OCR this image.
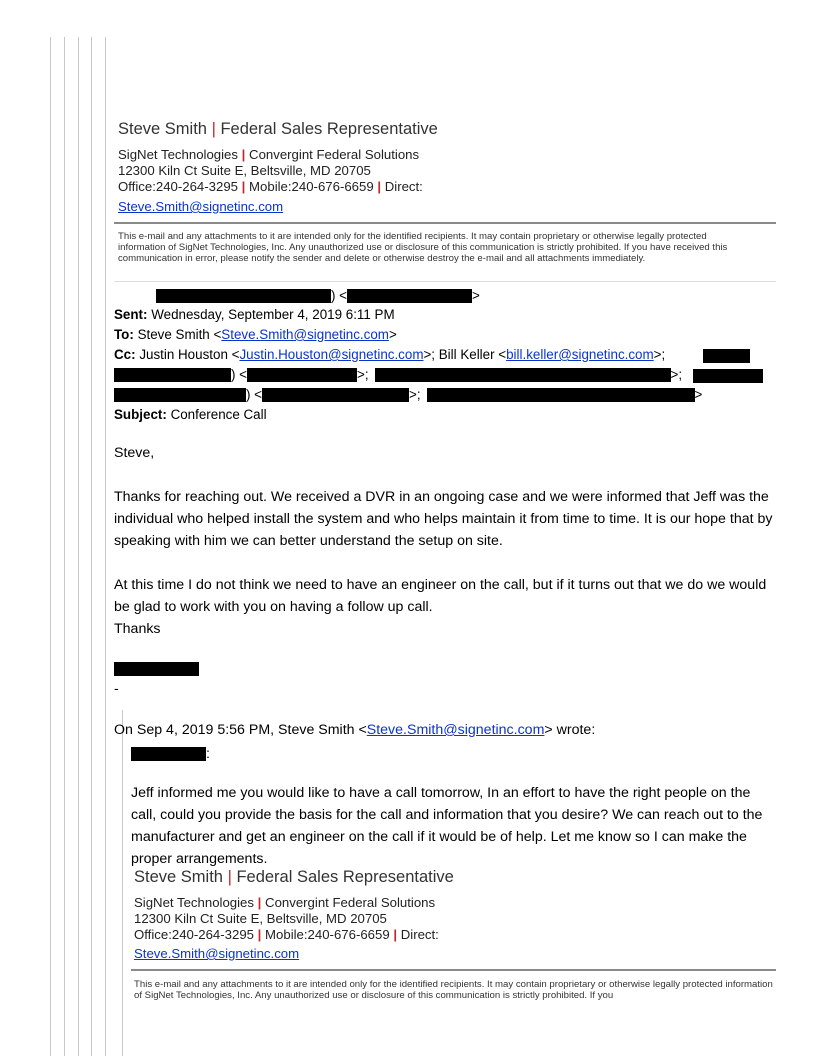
Steve Smith | Federal Sales Representative
SigNet Technologies | Convergint Federal Solutions
12300 Kiln Ct Suite E, Beltsville, MD 20705
Office:240-264-3295 | Mobile:240-676-6659 | Direct:
Steve.Smith@signetinc.com
This e-mail and any attachments to it are intended only for the identified recipients. It may contain proprietary or otherwise legally protected information of SigNet Technologies, Inc. Any unauthorized use or disclosure of this communication is strictly prohibited. If you have received this communication in error, please notify the sender and delete or otherwise destroy the e-mail and all attachments immediately.
) <	>
Sent: Wednesday, September 4, 2019 6:11 PM
To: Steve Smith <Steve.Smith@signetinc.com>
Cc: Justin Houston <Justin.Houston@signetinc.com>; Bill Keller <bill.keller@signetinc.com>;
) <	>;	>;
) <	>;	>
Subject: Conference Call
Steve,
Thanks for reaching out. We received a DVR in an ongoing case and we were informed that Jeff was the individual who helped install the system and who helps maintain it from time to time. It is our hope that by speaking with him we can better understand the setup on site.
At this time I do not think we need to have an engineer on the call, but if it turns out that we do we would be glad to work with you on having a follow up call.
Thanks
-
On Sep 4, 2019 5:56 PM, Steve Smith <Steve.Smith@signetinc.com> wrote:
:
Jeff informed me you would like to have a call tomorrow, In an effort to have the right people on the call, could you provide the basis for the call and information that you desire? We can reach out to the manufacturer and get an engineer on the call if it would be of help. Let me know so I can make the proper arrangements.
Steve Smith | Federal Sales Representative
SigNet Technologies | Convergint Federal Solutions
12300 Kiln Ct Suite E, Beltsville, MD 20705
Office:240-264-3295 | Mobile:240-676-6659 | Direct:
Steve.Smith@signetinc.com
This e-mail and any attachments to it are intended only for the identified recipients. It may contain proprietary or otherwise legally protected information of SigNet Technologies, Inc. Any unauthorized use or disclosure of this communication is strictly prohibited. If you
